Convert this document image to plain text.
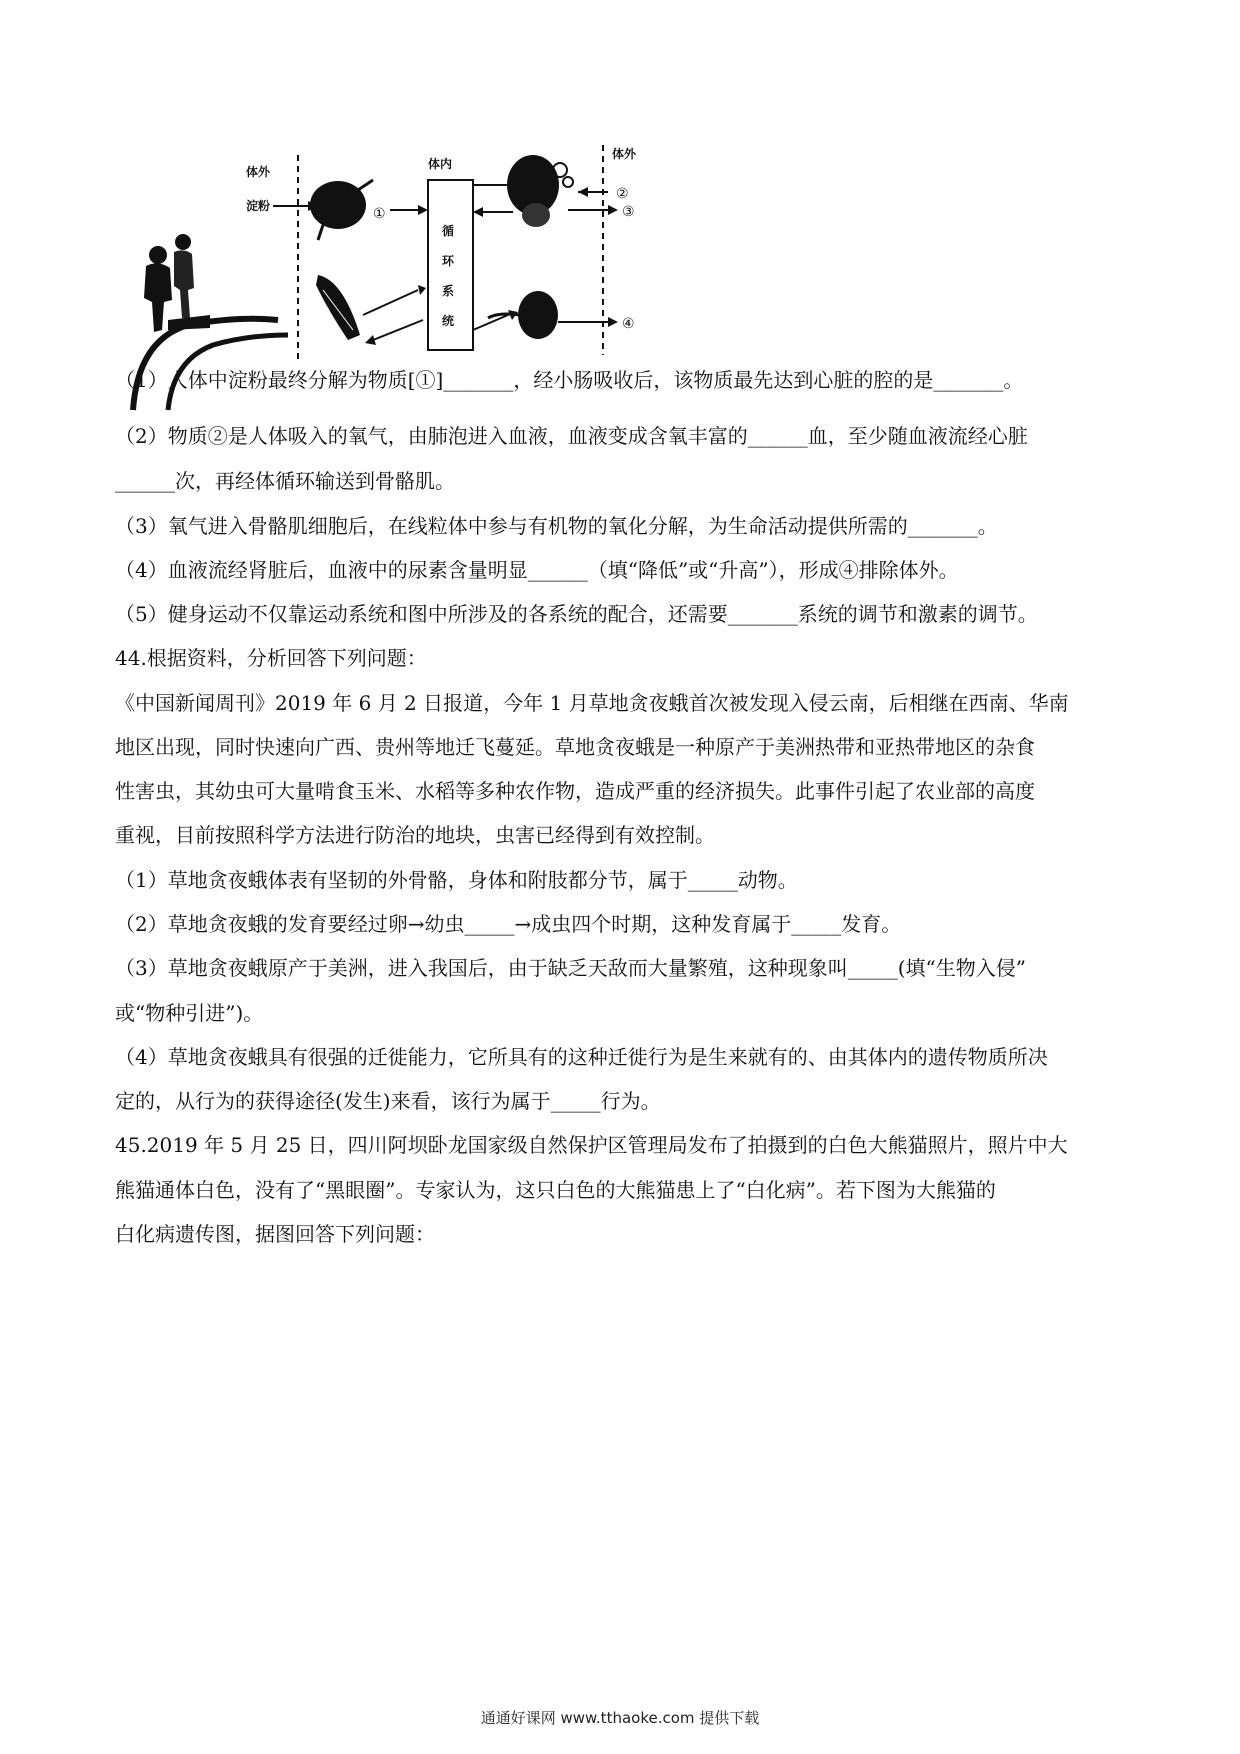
体外
淀粉
体内
体外
①
循
环
系
统
②
③
④
（1）人体中淀粉最终分解为物质[①]_______，经小肠吸收后，该物质最先达到心脏的腔的是_______。
（2）物质②是人体吸入的氧气，由肺泡进入血液，血液变成含氧丰富的______血，至少随血液流经心脏
______次，再经体循环输送到骨骼肌。
（3）氧气进入骨骼肌细胞后，在线粒体中参与有机物的氧化分解，为生命活动提供所需的_______。
（4）血液流经肾脏后，血液中的尿素含量明显______（填“降低”或“升高”），形成④排除体外。
（5）健身运动不仅靠运动系统和图中所涉及的各系统的配合，还需要_______系统的调节和激素的调节。
44.根据资料，分析回答下列问题：
《中国新闻周刊》2019 年 6 月 2 日报道，今年 1 月草地贪夜蛾首次被发现入侵云南，后相继在西南、华南
地区出现，同时快速向广西、贵州等地迁飞蔓延。草地贪夜蛾是一种原产于美洲热带和亚热带地区的杂食
性害虫，其幼虫可大量啃食玉米、水稻等多种农作物，造成严重的经济损失。此事件引起了农业部的高度
重视，目前按照科学方法进行防治的地块，虫害已经得到有效控制。
（1）草地贪夜蛾体表有坚韧的外骨骼，身体和附肢都分节，属于_____动物。
（2）草地贪夜蛾的发育要经过卵→幼虫_____→成虫四个时期，这种发育属于_____发育。
（3）草地贪夜蛾原产于美洲，进入我国后，由于缺乏天敌而大量繁殖，这种现象叫_____(填“生物入侵”
或“物种引进”)。
（4）草地贪夜蛾具有很强的迁徙能力，它所具有的这种迁徙行为是生来就有的、由其体内的遗传物质所决
定的，从行为的获得途径(发生)来看，该行为属于_____行为。
45.2019 年 5 月 25 日，四川阿坝卧龙国家级自然保护区管理局发布了拍摄到的白色大熊猫照片，照片中大
熊猫通体白色，没有了“黑眼圈”。专家认为，这只白色的大熊猫患上了“白化病”。若下图为大熊猫的
白化病遗传图，据图回答下列问题：
通通好课网 www.tthaoke.com 提供下载
